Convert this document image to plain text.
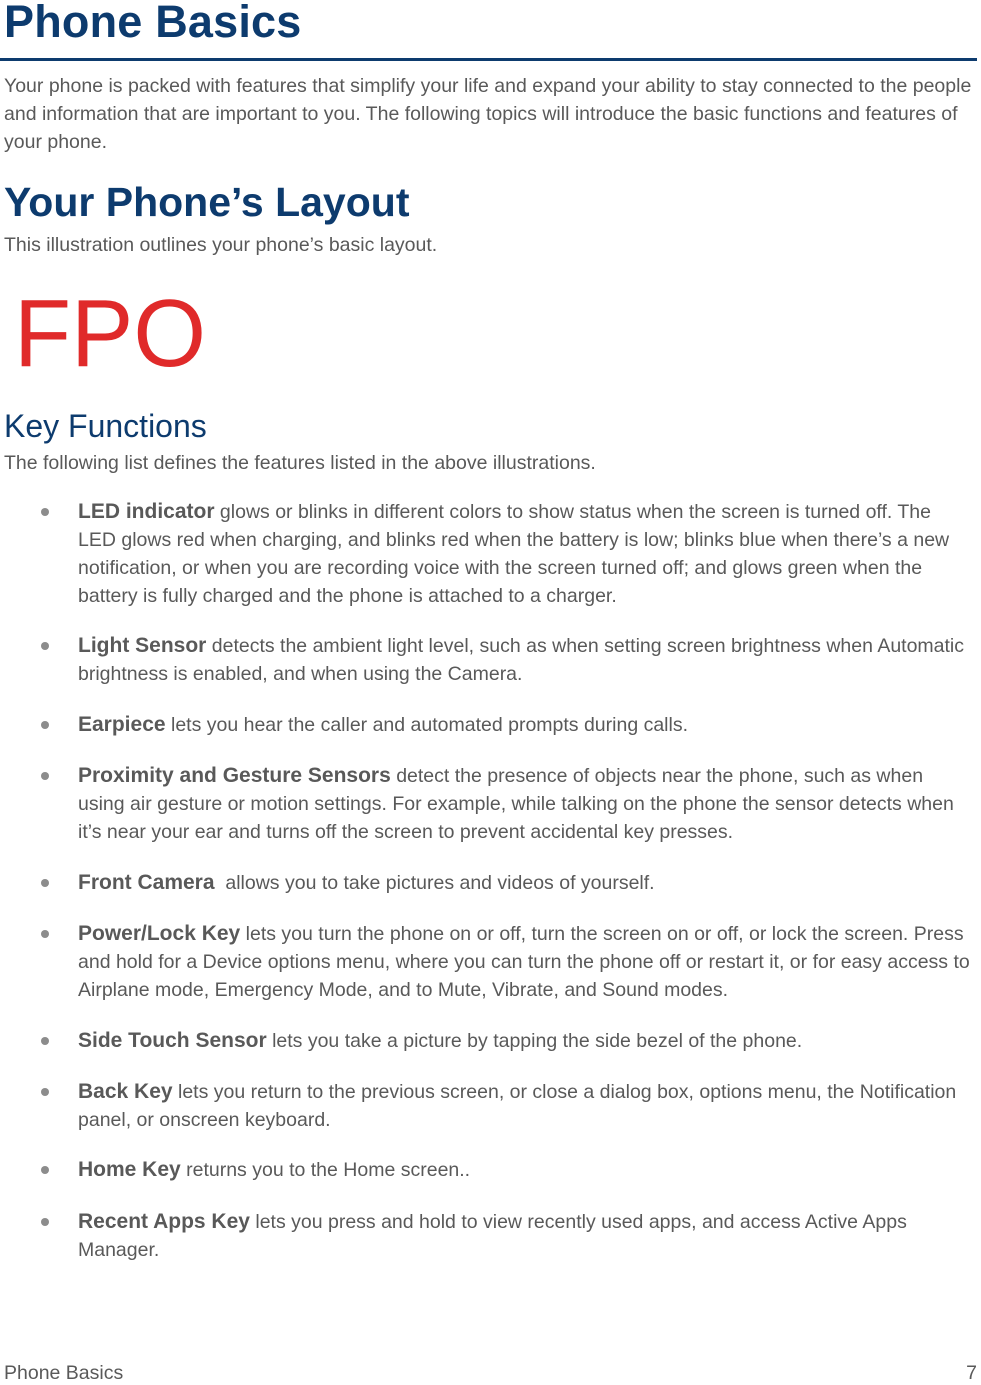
Phone Basics

Your phone is packed with features that simplify your life and expand your ability to stay connected to the people and information that are important to you. The following topics will introduce the basic functions and features of your phone.

Your Phone’s Layout

This illustration outlines your phone’s basic layout.

FPO
Key Functions

The following list defines the features listed in the above illustrations.

LED indicator glows or blinks in different colors to show status when the screen is turned off. The LED glows red when charging, and blinks red when the battery is low; blinks blue when there’s a new notification, or when you are recording voice with the screen turned off; and glows green when the battery is fully charged and the phone is attached to a charger.
Light Sensor detects the ambient light level, such as when setting screen brightness when Automatic brightness is enabled, and when using the Camera.
Earpiece lets you hear the caller and automated prompts during calls.
Proximity and Gesture Sensors detect the presence of objects near the phone, such as when using air gesture or motion settings. For example, while talking on the phone the sensor detects when it’s near your ear and turns off the screen to prevent accidental key presses.
Front Camera  allows you to take pictures and videos of yourself.
Power/Lock Key lets you turn the phone on or off, turn the screen on or off, or lock the screen. Press and hold for a Device options menu, where you can turn the phone off or restart it, or for easy access to Airplane mode, Emergency Mode, and to Mute, Vibrate, and Sound modes.
Side Touch Sensor lets you take a picture by tapping the side bezel of the phone.
Back Key lets you return to the previous screen, or close a dialog box, options menu, the Notification panel, or onscreen keyboard.
Home Key returns you to the Home screen..
Recent Apps Key lets you press and hold to view recently used apps, and access Active Apps Manager.
Phone Basics	7
